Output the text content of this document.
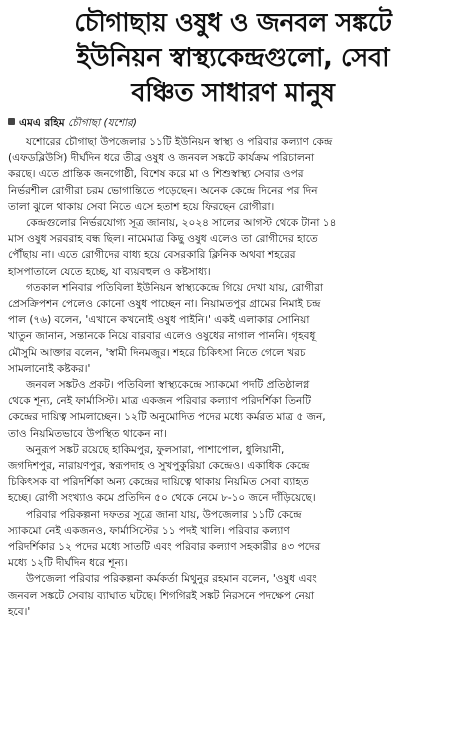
চৌগাছায় ওষুধ ও জনবল সঙ্কটে
ইউনিয়ন স্বাস্থ্যকেন্দ্রগুলো, সেবা
বঞ্চিত সাধারণ মানুষ
এমএ রহিম চৌগাছা (যশোর)

যশোরের চৌগাছা উপজেলার ১১টি ইউনিয়ন স্বাস্থ্য ও পরিবার কল্যাণ কেন্দ্র
(এফডব্লিউসি) দীর্ঘদিন ধরে তীব্র ওষুধ ও জনবল সঙ্কটে কার্যক্রম পরিচালনা
করছে। এতে প্রান্তিক জনগোষ্ঠী, বিশেষ করে মা ও শিশুস্বাস্থ্য সেবার ওপর
নির্ভরশীল রোগীরা চরম ভোগান্তিতে পড়েছেন। অনেক কেন্দ্রে দিনের পর দিন
তালা ঝুলে থাকায় সেবা নিতে এসে হতাশ হয়ে ফিরছেন রোগীরা।

কেন্দ্রগুলোর নির্ভরযোগ্য সূত্র জানায়, ২০২৪ সালের আগস্ট থেকে টানা ১৪
মাস ওষুধ সরবরাহ বন্ধ ছিল। নামেমাত্র কিছু ওষুধ এলেও তা রোগীদের হাতে
পৌঁছায় না। এতে রোগীদের বাধ্য হয়ে বেসরকারি ক্লিনিক অথবা শহরের
হাসপাতালে যেতে হচ্ছে, যা ব্যয়বহুল ও কষ্টসাধ্য।

গতকাল শনিবার পতিবিলা ইউনিয়ন স্বাস্থ্যকেন্দ্রে গিয়ে দেখা যায়, রোগীরা
প্রেসক্রিপশন পেলেও কোনো ওষুধ পাচ্ছেন না। নিয়ামতপুর গ্রামের নিমাই চন্দ্র
পাল (৭৬) বলেন, 'এখানে কখনোই ওষুধ পাইনি।' একই এলাকার সোনিয়া
খাতুন জানান, সন্তানকে নিয়ে বারবার এলেও ওষুধের নাগাল পাননি। গৃহবধূ
মৌসুমি আক্তার বলেন, 'স্বামী দিনমজুর। শহরে চিকিৎসা নিতে গেলে খরচ
সামলানোই কষ্টকর।'

জনবল সঙ্কটও প্রকট। পতিবিলা স্বাস্থ্যকেন্দ্রে স্যাকমো পদটি প্রতিষ্ঠালগ্ন
থেকে শূন্য, নেই ফার্মাসিস্ট। মাত্র একজন পরিবার কল্যাণ পরিদর্শিকা তিনটি
কেন্দ্রের দায়িত্ব সামলাচ্ছেন। ১২টি অনুমোদিত পদের মধ্যে কর্মরত মাত্র ৫ জন,
তাও নিয়মিতভাবে উপস্থিত থাকেন না।

অনুরূপ সঙ্কট রয়েছে হাকিমপুর, ফুলসারা, পাশাপোল, ধুলিয়ানী,
জগদিশপুর, নারায়ণপুর, স্বরূপদাহ ও সুখপুকুরিয়া কেন্দ্রেও। একাধিক কেন্দ্রে
চিকিৎসক বা পরিদর্শিকা অন্য কেন্দ্রের দায়িত্বে থাকায় নিয়মিত সেবা ব্যাহত
হচ্ছে। রোগী সংখ্যাও কমে প্রতিদিন ৫০ থেকে নেমে ৮-১০ জনে দাঁড়িয়েছে।

পরিবার পরিকল্পনা দফতর সূত্রে জানা যায়, উপজেলার ১১টি কেন্দ্রে
স্যাকমো নেই একজনও, ফার্মাসিস্টের ১১ পদই খালি। পরিবার কল্যাণ
পরিদর্শিকার ১২ পদের মধ্যে সাতটি এবং পরিবার কল্যাণ সহকারীর ৪৩ পদের
মধ্যে ১২টি দীর্ঘদিন ধরে শূন্য।

উপজেলা পরিবার পরিকল্পনা কর্মকর্তা মিথুনুর রহমান বলেন, 'ওষুধ এবং
জনবল সঙ্কটে সেবায় ব্যাঘাত ঘটছে। শিগগিরই সঙ্কট নিরসনে পদক্ষেপ নেয়া
হবে।'
